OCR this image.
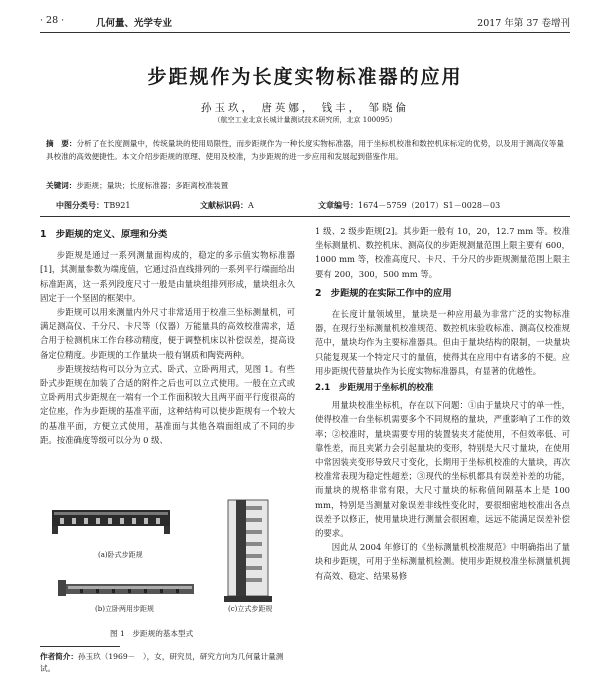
· 28 ·	几何量、光学专业	2017 年第 37 卷增刊
步距规作为长度实物标准器的应用
孙玉玖， 唐英娜， 钱丰， 邹晓倫
（航空工业北京长城计量测试技术研究所，北京 100095）
摘　要：分析了在长度测量中，传统量块的使用局限性，而步距规作为一种长度实物标准器，用于坐标机校准和数控机床标定的优势，以及用于测高仪等量具校准的高效便捷性。本文介绍步距规的原理、使用及校准，为步距规的进一步应用和发展起到借鉴作用。
关键词：步距规；量块；长度标准器；多距离校准装置
中图分类号：TB921	文献标识码：A	文章编号：1674－5759（2017）S1－0028－03
1　步距规的定义、原理和分类

步距规是通过一系列测量面构成的，稳定的多示值实物标准器[1]，其测量参数为端度值，它通过沿直线排列的一系列平行端面给出标准距离，这一系列段度尺寸一般是由量块组排列形成，量块组永久固定于一个坚固的框架中。

步距规可以用来测量内外尺寸非常适用于校准三坐标测量机，可满足测高仪、千分尺、卡尺等（仪器）万能量具的高效校准需求，适合用于检测机床工作台移动精度，便于调整机床以补偿误差，提高设备定位精度。步距规的工作量块一般有钢质和陶瓷两种。

步距规按结构可以分为立式、卧式、立卧两用式，见图 1。有些卧式步距规在加装了合适的附件之后也可以立式使用。一般在立式或立卧两用式步距规在一端有一个工作面积较大且两平面平行度很高的定位座，作为步距规的基准平面，这种结构可以使步距规有一个较大的基准平面，方便立式使用，基准面与其他各端面组成了不同的步距。按准确度等级可以分为 0 级、

(a)卧式步距规
(b)立卧两用步距规	(c)立式步距规
图 1　步距规的基本型式
作者简介：孙玉玖（1969－　），女，研究员，研究方向为几何量计量测试。

1 级、2 级步距规[2]。其步距一般有 10，20，12.7 mm 等。校准坐标测量机、数控机床、测高仪的步距规测量范围上限主要有 600，1000 mm 等，校准高度尺、卡尺、千分尺的步距规测量范围上限主要有 200，300，500 mm 等。

2　步距规的在实际工作中的应用

在长度计量领域里，量块是一种应用最为非常广泛的实物标准器，在现行坐标测量机校准规范、数控机床验收标准、测高仪校准规范中，量块均作为主要标准器具。但由于量块结构的限制，一块量块只能复现某一个特定尺寸的量值，使得其在应用中有诸多的不便。应用步距规代替量块作为长度实物标准器具，有显著的优越性。

2.1　步距规用于坐标机的校准

用量块校准坐标机，存在以下问题：①由于量块尺寸的单一性，使得校准一台坐标机需要多个不同规格的量块，严重影响了工作的效率；②校准时，量块需要专用的装置装夹才能使用，不但效率低、可靠性差，而且夹紧力会引起量块的变形，特别是大尺寸量块，在使用中常因装夹变形导致尺寸变化，长期用于坐标机校准的大量块，再次校准常表现为稳定性超差；③现代的坐标机都具有误差补差的功能，而量块的规格非常有限，大尺寸量块的标称值间隔基本上是 100 mm，特别是当测量对象误差非线性变化时，要很细密地校准出各点误差予以修正，使用量块进行测量会很困难，远远不能满足误差补偿的要求。

因此从 2004 年修订的《坐标测量机校准规范》中明确指出了量块和步距规，可用于坐标测量机检测。使用步距规校准坐标测量机拥有高效、稳定、结果易修
